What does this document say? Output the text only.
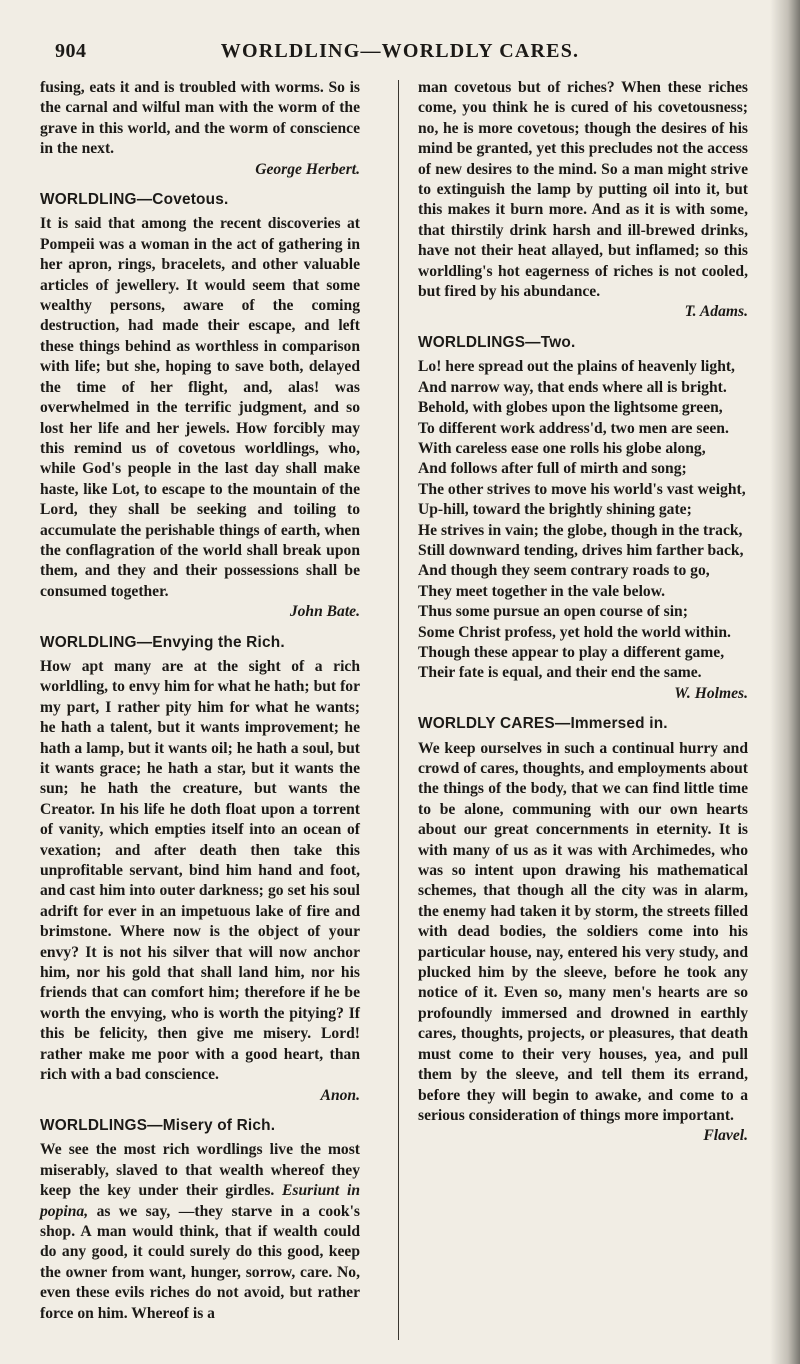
904	WORLDLING—WORLDLY CARES.

fusing, eats it and is troubled with worms. So is the carnal and wilful man with the worm of the grave in this world, and the worm of conscience in the next.

George Herbert.

WORLDLING—Covetous.

It is said that among the recent discoveries at Pompeii was a woman in the act of gathering in her apron, rings, bracelets, and other valuable articles of jewellery. It would seem that some wealthy persons, aware of the coming destruction, had made their escape, and left these things behind as worthless in comparison with life; but she, hoping to save both, delayed the time of her flight, and, alas! was overwhelmed in the terrific judgment, and so lost her life and her jewels. How forcibly may this remind us of covetous worldlings, who, while God's people in the last day shall make haste, like Lot, to escape to the mountain of the Lord, they shall be seeking and toiling to accumulate the perishable things of earth, when the conflagration of the world shall break upon them, and they and their possessions shall be consumed together.

John Bate.

WORLDLING—Envying the Rich.

How apt many are at the sight of a rich worldling, to envy him for what he hath; but for my part, I rather pity him for what he wants; he hath a talent, but it wants improvement; he hath a lamp, but it wants oil; he hath a soul, but it wants grace; he hath a star, but it wants the sun; he hath the creature, but wants the Creator. In his life he doth float upon a torrent of vanity, which empties itself into an ocean of vexation; and after death then take this unprofitable servant, bind him hand and foot, and cast him into outer darkness; go set his soul adrift for ever in an impetuous lake of fire and brimstone. Where now is the object of your envy? It is not his silver that will now anchor him, nor his gold that shall land him, nor his friends that can comfort him; therefore if he be worth the envying, who is worth the pitying? If this be felicity, then give me misery. Lord! rather make me poor with a good heart, than rich with a bad conscience.

Anon.

WORLDLINGS—Misery of Rich.

We see the most rich wordlings live the most miserably, slaved to that wealth whereof they keep the key under their girdles. Esuriunt in popina, as we say, —they starve in a cook's shop. A man would think, that if wealth could do any good, it could surely do this good, keep the owner from want, hunger, sorrow, care. No, even these evils riches do not avoid, but rather force on him. Whereof is a

man covetous but of riches? When these riches come, you think he is cured of his covetousness; no, he is more covetous; though the desires of his mind be granted, yet this precludes not the access of new desires to the mind. So a man might strive to extinguish the lamp by putting oil into it, but this makes it burn more. And as it is with some, that thirstily drink harsh and ill-brewed drinks, have not their heat allayed, but inflamed; so this worldling's hot eagerness of riches is not cooled, but fired by his abundance.

T. Adams.

WORLDLINGS—Two.

Lo! here spread out the plains of heavenly light,

And narrow way, that ends where all is bright.

Behold, with globes upon the lightsome green,

To different work address'd, two men are seen.

With careless ease one rolls his globe along,

And follows after full of mirth and song;

The other strives to move his world's vast weight,

Up-hill, toward the brightly shining gate;

He strives in vain; the globe, though in the track,

Still downward tending, drives him farther back,

And though they seem contrary roads to go,

They meet together in the vale below.

Thus some pursue an open course of sin;

Some Christ profess, yet hold the world within.

Though these appear to play a different game,

Their fate is equal, and their end the same.

W. Holmes.

WORLDLY CARES—Immersed in.

We keep ourselves in such a continual hurry and crowd of cares, thoughts, and employments about the things of the body, that we can find little time to be alone, communing with our own hearts about our great concernments in eternity. It is with many of us as it was with Archimedes, who was so intent upon drawing his mathematical schemes, that though all the city was in alarm, the enemy had taken it by storm, the streets filled with dead bodies, the soldiers come into his particular house, nay, entered his very study, and plucked him by the sleeve, before he took any notice of it. Even so, many men's hearts are so profoundly immersed and drowned in earthly cares, thoughts, projects, or pleasures, that death must come to their very houses, yea, and pull them by the sleeve, and tell them its errand, before they will begin to awake, and come to a serious consideration of things more important.

Flavel.
